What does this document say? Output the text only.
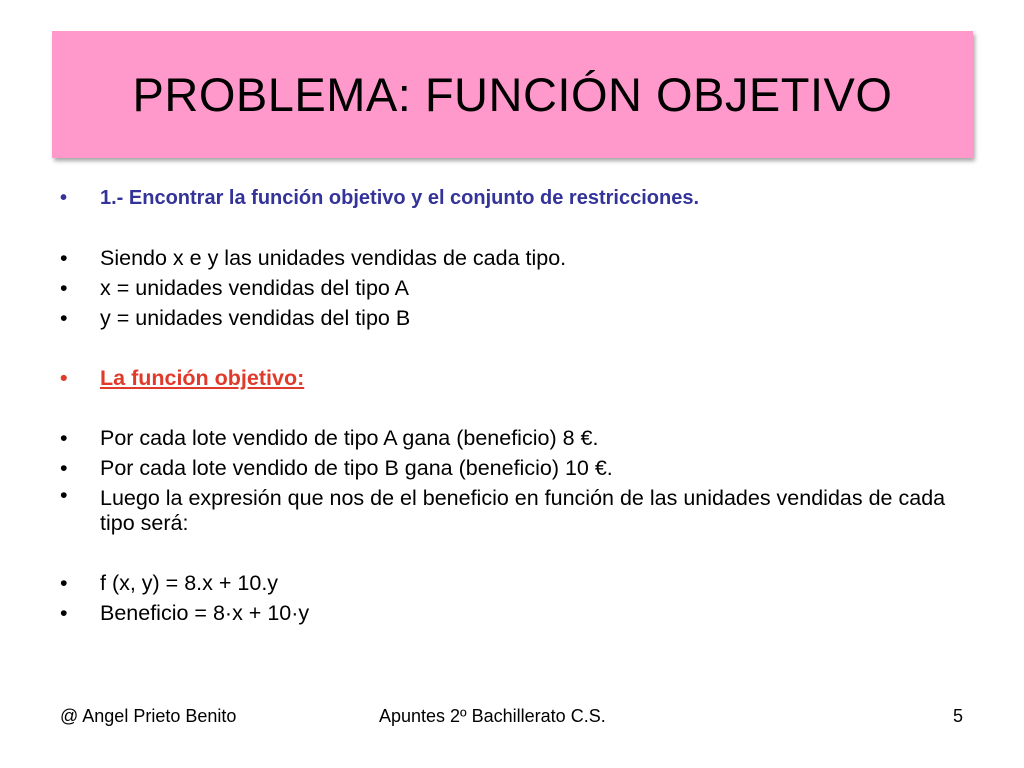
PROBLEMA: FUNCIÓN OBJETIVO
• 1.- Encontrar la función objetivo y el conjunto de restricciones.
• Siendo x e y las unidades vendidas de cada tipo.
• x = unidades vendidas del tipo A
• y = unidades vendidas del tipo B
• La función objetivo:
• Por cada lote vendido de tipo A gana (beneficio) 8 €.
• Por cada lote vendido de tipo B gana (beneficio) 10 €.
• Luego la expresión que nos de el beneficio en función de las unidades vendidas de cada tipo será:
• f (x, y) = 8.x + 10.y
• Beneficio = 8·x + 10·y
@ Angel Prieto Benito	Apuntes 2º Bachillerato C.S.	5
